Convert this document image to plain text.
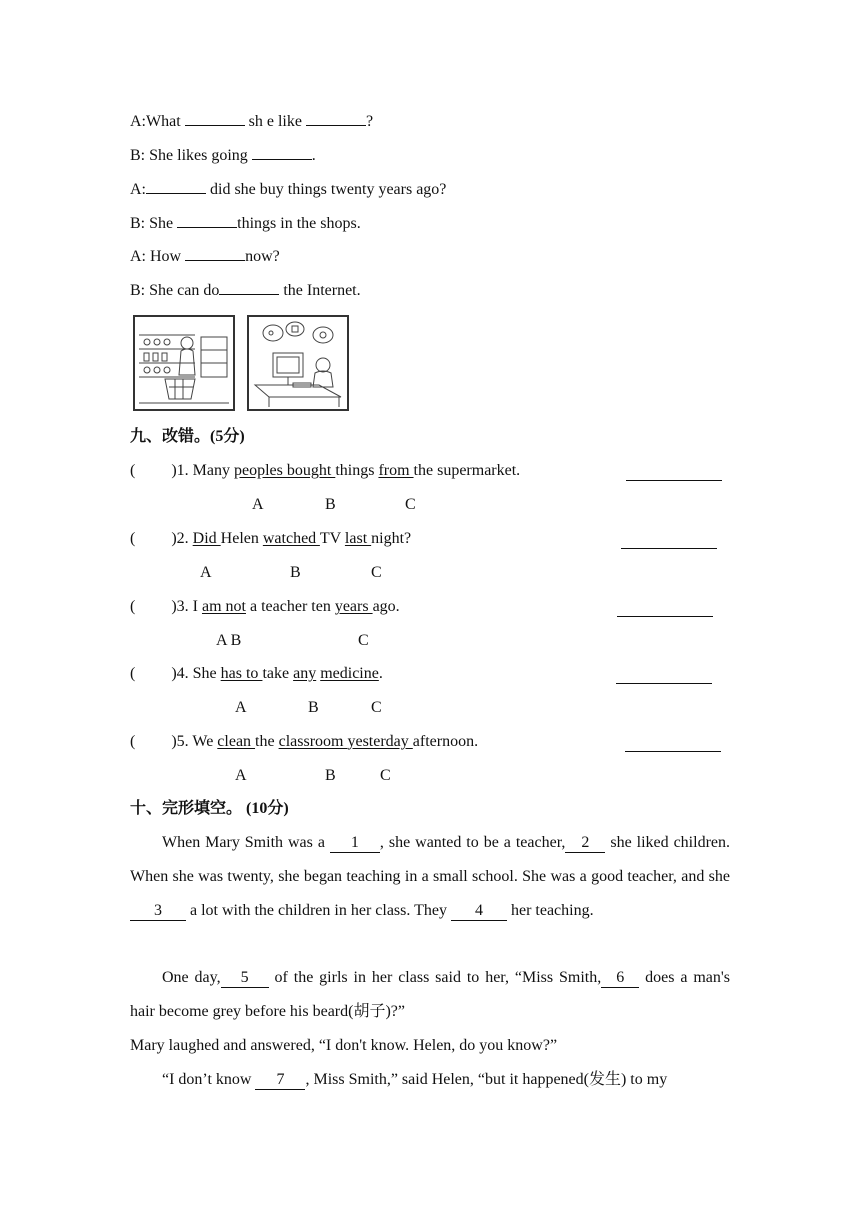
A:What	sh e like	?
B: She likes going	.
A:	did she buy things twenty years ago?
B: She	things in the shops.
A: How	now?
B: She can do	the Internet.
九、改错。(5分)
( )1. Many peoples bought things from the supermarket.
A	B	C
( )2. Did Helen watched TV last night?
A	B	C
( )3. I am not a teacher ten years ago.
A B	C
( )4. She has to take any medicine.
A	B	C
( )5. We clean the classroom yesterday afternoon.
A	B	C
十、完形填空。 (10分)
When Mary Smith was a 1 , she wanted to be a teacher, 2 she liked children. When she was twenty, she began teaching in a small school. She was a good teacher, and she 3 a lot with the children in her class. They 4 her teaching.
One day, 5 of the girls in her class said to her, “Miss Smith, 6 does a man's hair become grey before his beard(胡子)?”
Mary laughed and answered, “I don't know. Helen, do you know?”
“I don’t know 7 , Miss Smith,” said Helen, “but it happened(发生) to my
